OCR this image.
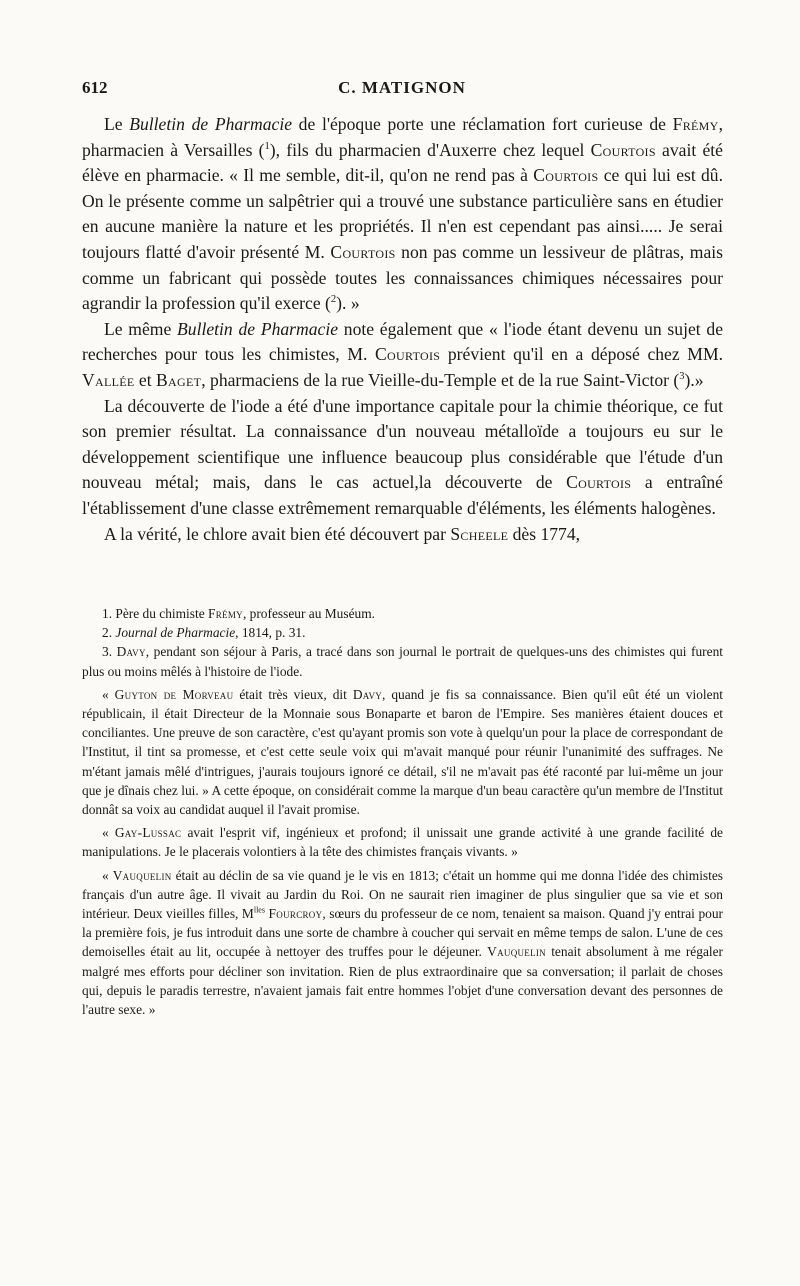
612	C. MATIGNON

Le Bulletin de Pharmacie de l'époque porte une réclamation fort curieuse de Frémy, pharmacien à Versailles ($^1$), fils du pharmacien d'Auxerre chez lequel Courtois avait été élève en pharmacie. « Il me semble, dit-il, qu'on ne rend pas à Courtois ce qui lui est dû. On le présente comme un salpêtrier qui a trouvé une substance particulière sans en étudier en aucune manière la nature et les propriétés. Il n'en est cependant pas ainsi..... Je serai toujours flatté d'avoir présenté M. Courtois non pas comme un lessiveur de plâtras, mais comme un fabricant qui possède toutes les connaissances chimiques nécessaires pour agrandir la profession qu'il exerce ($^2$). »

Le même Bulletin de Pharmacie note également que « l'iode étant devenu un sujet de recherches pour tous les chimistes, M. Courtois prévient qu'il en a déposé chez MM. Vallée et Baget, pharmaciens de la rue Vieille-du-Temple et de la rue Saint-Victor ($^3$).»

La découverte de l'iode a été d'une importance capitale pour la chimie théorique, ce fut son premier résultat. La connaissance d'un nouveau métalloïde a toujours eu sur le développement scientifique une influence beaucoup plus considérable que l'étude d'un nouveau métal; mais, dans le cas actuel,la découverte de Courtois a entraîné l'établissement d'une classe extrêmement remarquable d'éléments, les éléments halogènes.

A la vérité, le chlore avait bien été découvert par Scheele dès 1774,

1. Père du chimiste Frémy, professeur au Muséum.

2. Journal de Pharmacie, 1814, p. 31.

3. Davy, pendant son séjour à Paris, a tracé dans son journal le portrait de quelques-uns des chimistes qui furent plus ou moins mêlés à l'histoire de l'iode.

« Guyton de Morveau était très vieux, dit Davy, quand je fis sa connaissance. Bien qu'il eût été un violent républicain, il était Directeur de la Monnaie sous Bonaparte et baron de l'Empire. Ses manières étaient douces et conciliantes. Une preuve de son caractère, c'est qu'ayant promis son vote à quelqu'un pour la place de correspondant de l'Institut, il tint sa promesse, et c'est cette seule voix qui m'avait manqué pour réunir l'unanimité des suffrages. Ne m'étant jamais mêlé d'intrigues, j'aurais toujours ignoré ce détail, s'il ne m'avait pas été raconté par lui-même un jour que je dînais chez lui. » A cette époque, on considérait comme la marque d'un beau caractère qu'un membre de l'Institut donnât sa voix au candidat auquel il l'avait promise.

« Gay-Lussac avait l'esprit vif, ingénieux et profond; il unissait une grande activité à une grande facilité de manipulations. Je le placerais volontiers à la tête des chimistes français vivants. »

« Vauquelin était au déclin de sa vie quand je le vis en 1813; c'était un homme qui me donna l'idée des chimistes français d'un autre âge. Il vivait au Jardin du Roi. On ne saurait rien imaginer de plus singulier que sa vie et son intérieur. Deux vieilles filles, $M^{lles}$ Fourcroy, sœurs du professeur de ce nom, tenaient sa maison. Quand j'y entrai pour la première fois, je fus introduit dans une sorte de chambre à coucher qui servait en même temps de salon. L'une de ces demoiselles était au lit, occupée à nettoyer des truffes pour le déjeuner. Vauquelin tenait absolument à me régaler malgré mes efforts pour décliner son invitation. Rien de plus extraordinaire que sa conversation; il parlait de choses qui, depuis le paradis terrestre, n'avaient jamais fait entre hommes l'objet d'une conversation devant des personnes de l'autre sexe. »
